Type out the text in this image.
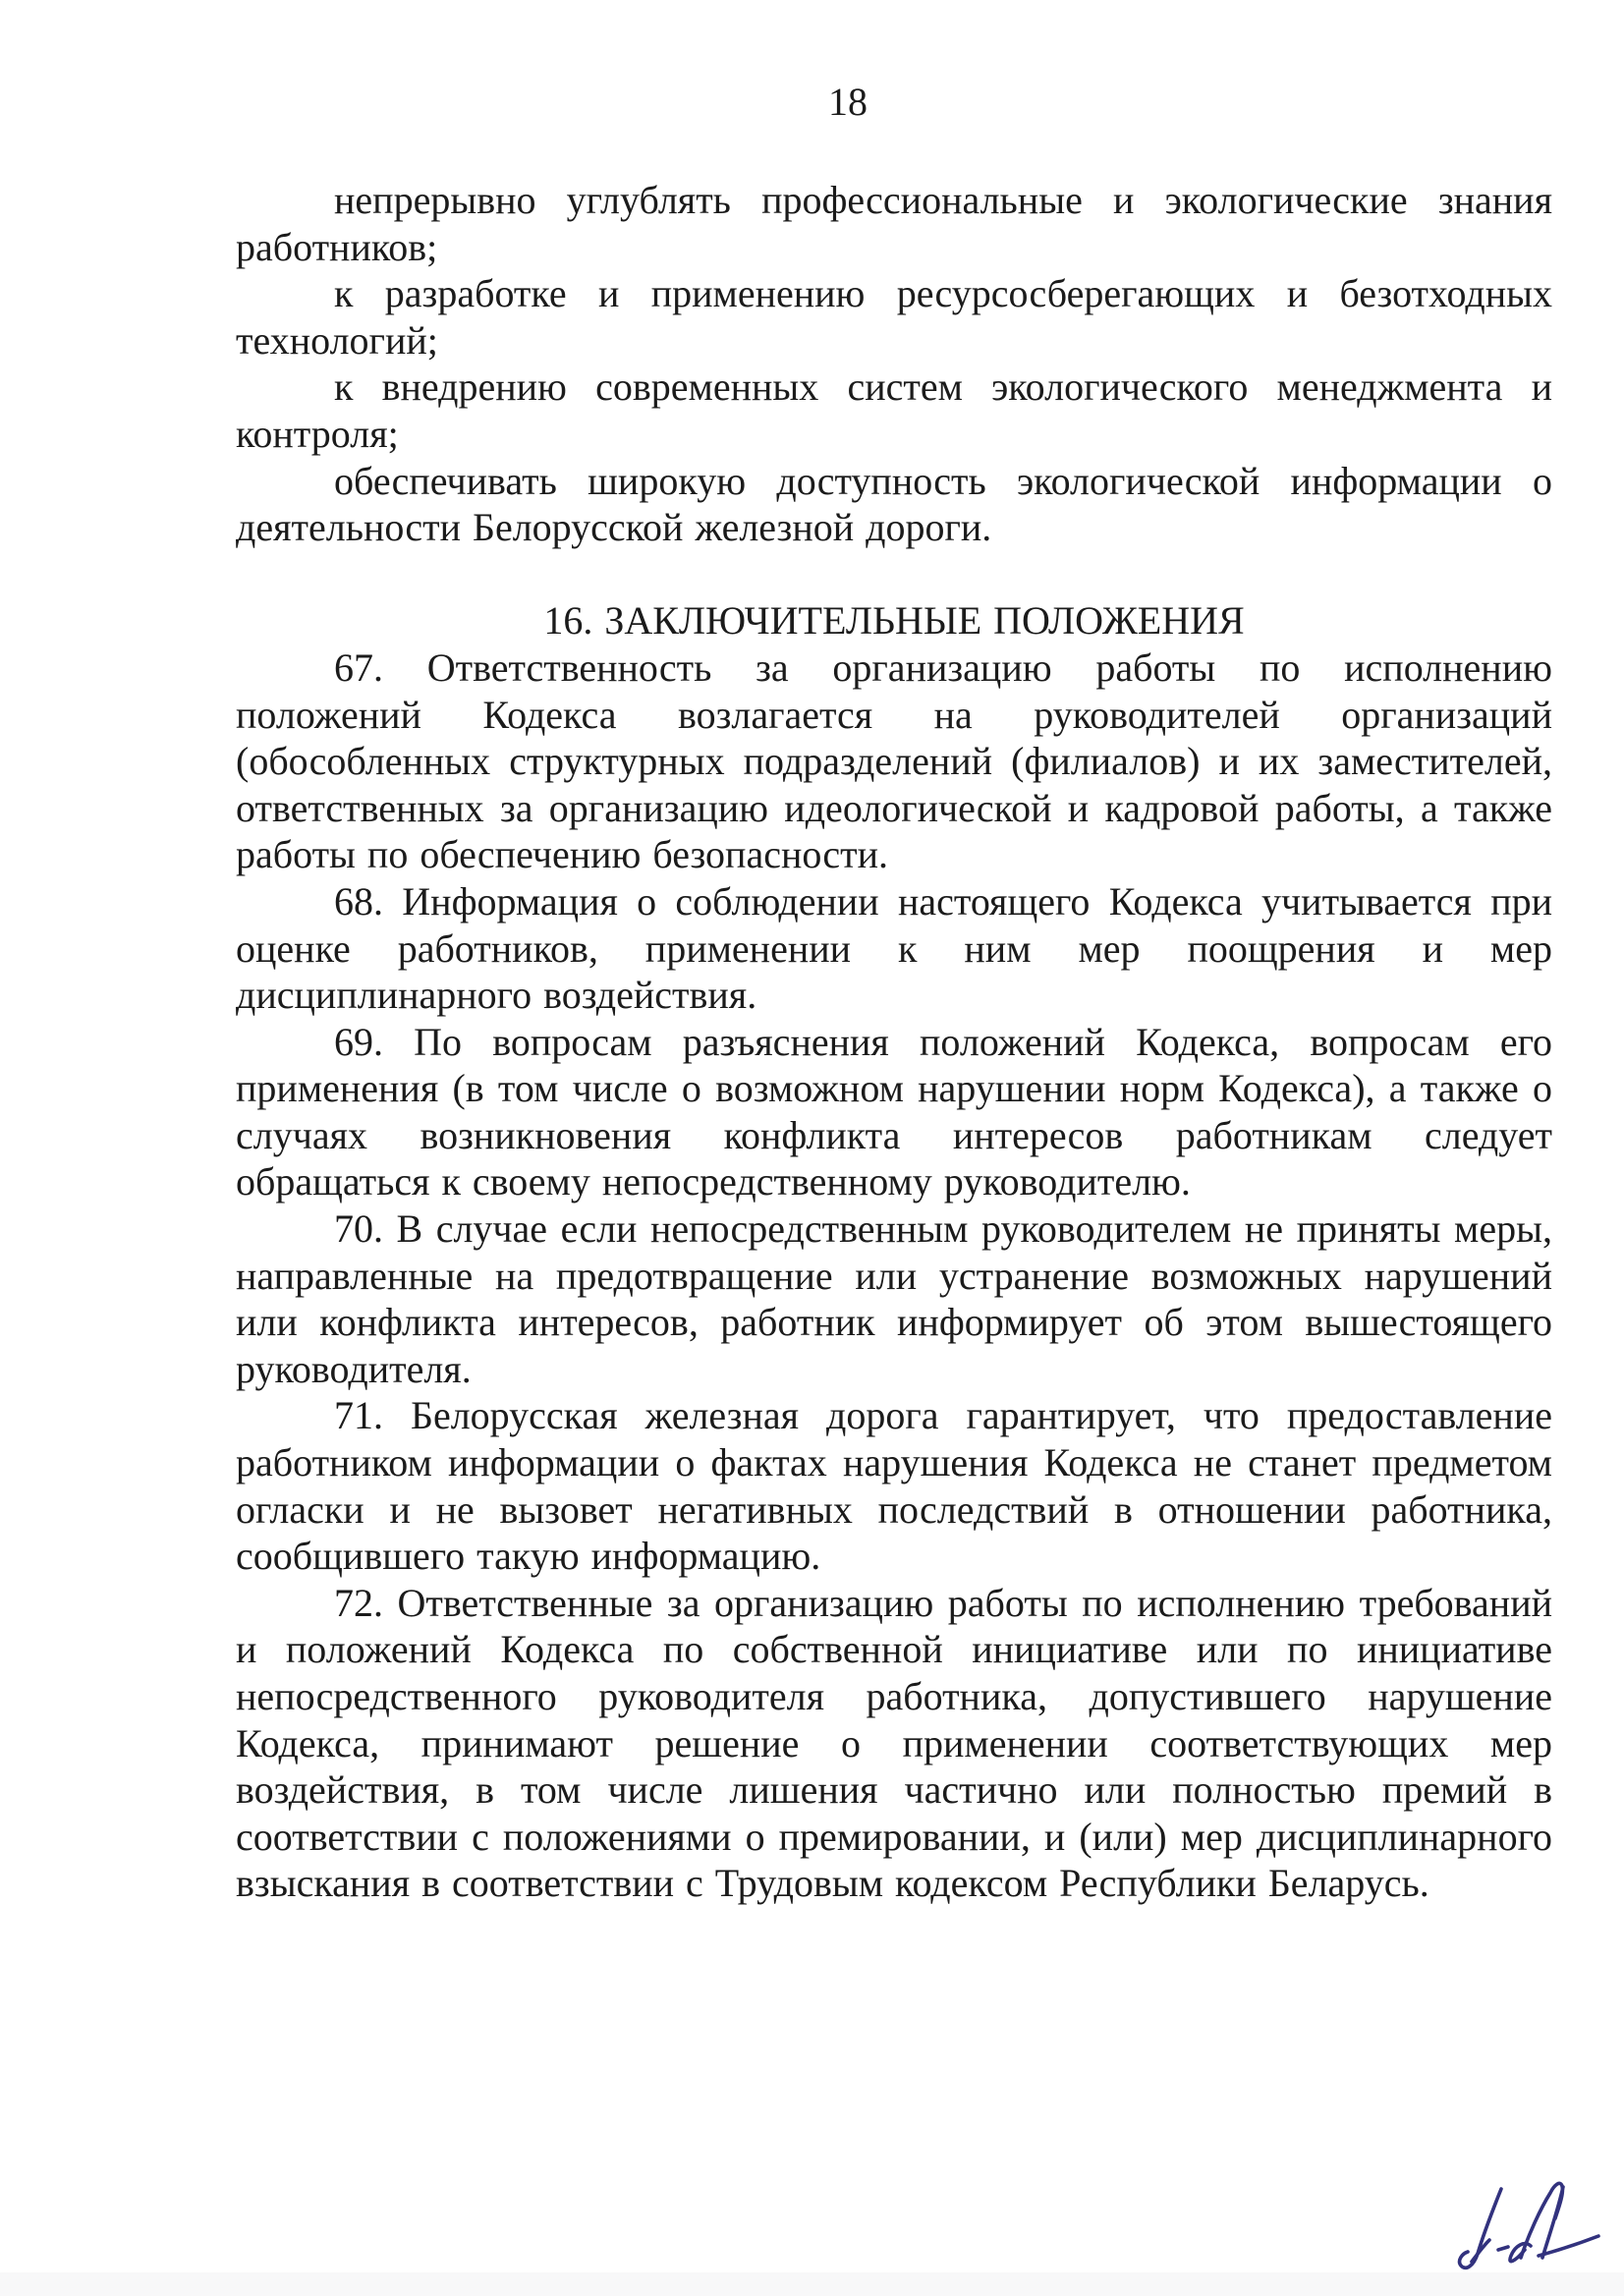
18

непрерывно углублять профессиональные и экологические знания работников;

к разработке и применению ресурсосберегающих и безотходных технологий;

к внедрению современных систем экологического менеджмента и контроля;

обеспечивать широкую доступность экологической информации о деятельности Белорусской железной дороги.

16. ЗАКЛЮЧИТЕЛЬНЫЕ ПОЛОЖЕНИЯ

67. Ответственность за организацию работы по исполнению положений Кодекса возлагается на руководителей организаций (обособленных структурных подразделений (филиалов) и их заместителей, ответственных за организацию идеологической и кадровой работы, а также работы по обеспечению безопасности.

68. Информация о соблюдении настоящего Кодекса учитывается при оценке работников, применении к ним мер поощрения и мер дисциплинарного воздействия.

69. По вопросам разъяснения положений Кодекса, вопросам его применения (в том числе о возможном нарушении норм Кодекса), а также о случаях возникновения конфликта интересов работникам следует обращаться к своему непосредственному руководителю.

70. В случае если непосредственным руководителем не приняты меры, направленные на предотвращение или устранение возможных нарушений или конфликта интересов, работник информирует об этом вышестоящего руководителя.

71. Белорусская железная дорога гарантирует, что предоставление работником информации о фактах нарушения Кодекса не станет предметом огласки и не вызовет негативных последствий в отношении работника, сообщившего такую информацию.

72. Ответственные за организацию работы по исполнению требований и положений Кодекса по собственной инициативе или по инициативе непосредственного руководителя работника, допустившего нарушение Кодекса, принимают решение о применении соответствующих мер воздействия, в том числе лишения частично или полностью премий в соответствии с положениями о премировании, и (или) мер дисциплинарного взыскания в соответствии с Трудовым кодексом Республики Беларусь.
